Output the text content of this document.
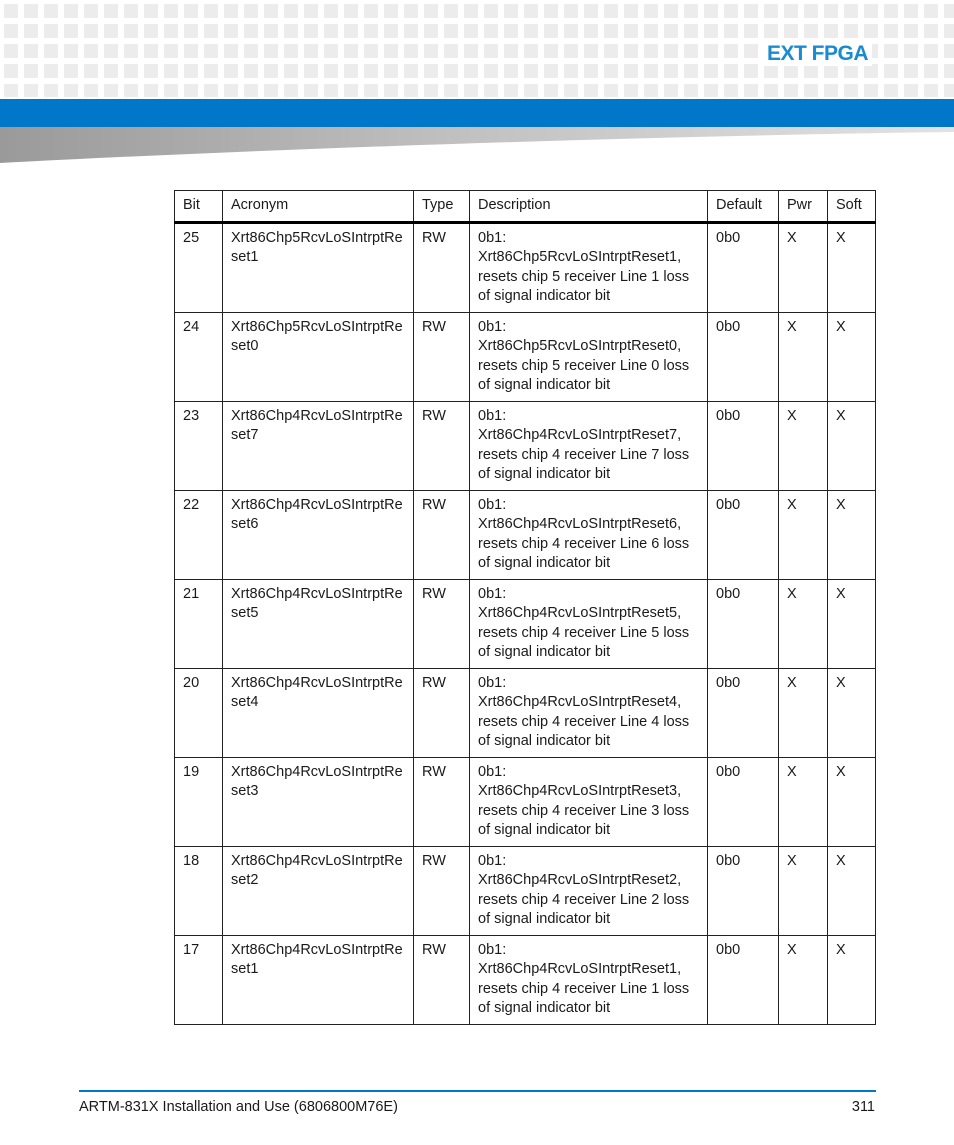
EXT FPGA
Bit	Acronym	Type	Description	Default	Pwr	Soft
25	Xrt86Chp5RcvLoSIntrptReset1	RW	0b1: Xrt86Chp5RcvLoSIntrptReset1, resets chip 5 receiver Line 1 loss of signal indicator bit	0b0	X	X
24	Xrt86Chp5RcvLoSIntrptReset0	RW	0b1: Xrt86Chp5RcvLoSIntrptReset0, resets chip 5 receiver Line 0 loss of signal indicator bit	0b0	X	X
23	Xrt86Chp4RcvLoSIntrptReset7	RW	0b1: Xrt86Chp4RcvLoSIntrptReset7, resets chip 4 receiver Line 7 loss of signal indicator bit	0b0	X	X
22	Xrt86Chp4RcvLoSIntrptReset6	RW	0b1: Xrt86Chp4RcvLoSIntrptReset6, resets chip 4 receiver Line 6 loss of signal indicator bit	0b0	X	X
21	Xrt86Chp4RcvLoSIntrptReset5	RW	0b1: Xrt86Chp4RcvLoSIntrptReset5, resets chip 4 receiver Line 5 loss of signal indicator bit	0b0	X	X
20	Xrt86Chp4RcvLoSIntrptReset4	RW	0b1: Xrt86Chp4RcvLoSIntrptReset4, resets chip 4 receiver Line 4 loss of signal indicator bit	0b0	X	X
19	Xrt86Chp4RcvLoSIntrptReset3	RW	0b1: Xrt86Chp4RcvLoSIntrptReset3, resets chip 4 receiver Line 3 loss of signal indicator bit	0b0	X	X
18	Xrt86Chp4RcvLoSIntrptReset2	RW	0b1: Xrt86Chp4RcvLoSIntrptReset2, resets chip 4 receiver Line 2 loss of signal indicator bit	0b0	X	X
17	Xrt86Chp4RcvLoSIntrptReset1	RW	0b1: Xrt86Chp4RcvLoSIntrptReset1, resets chip 4 receiver Line 1 loss of signal indicator bit	0b0	X	X
ARTM-831X Installation and Use (6806800M76E)	311
